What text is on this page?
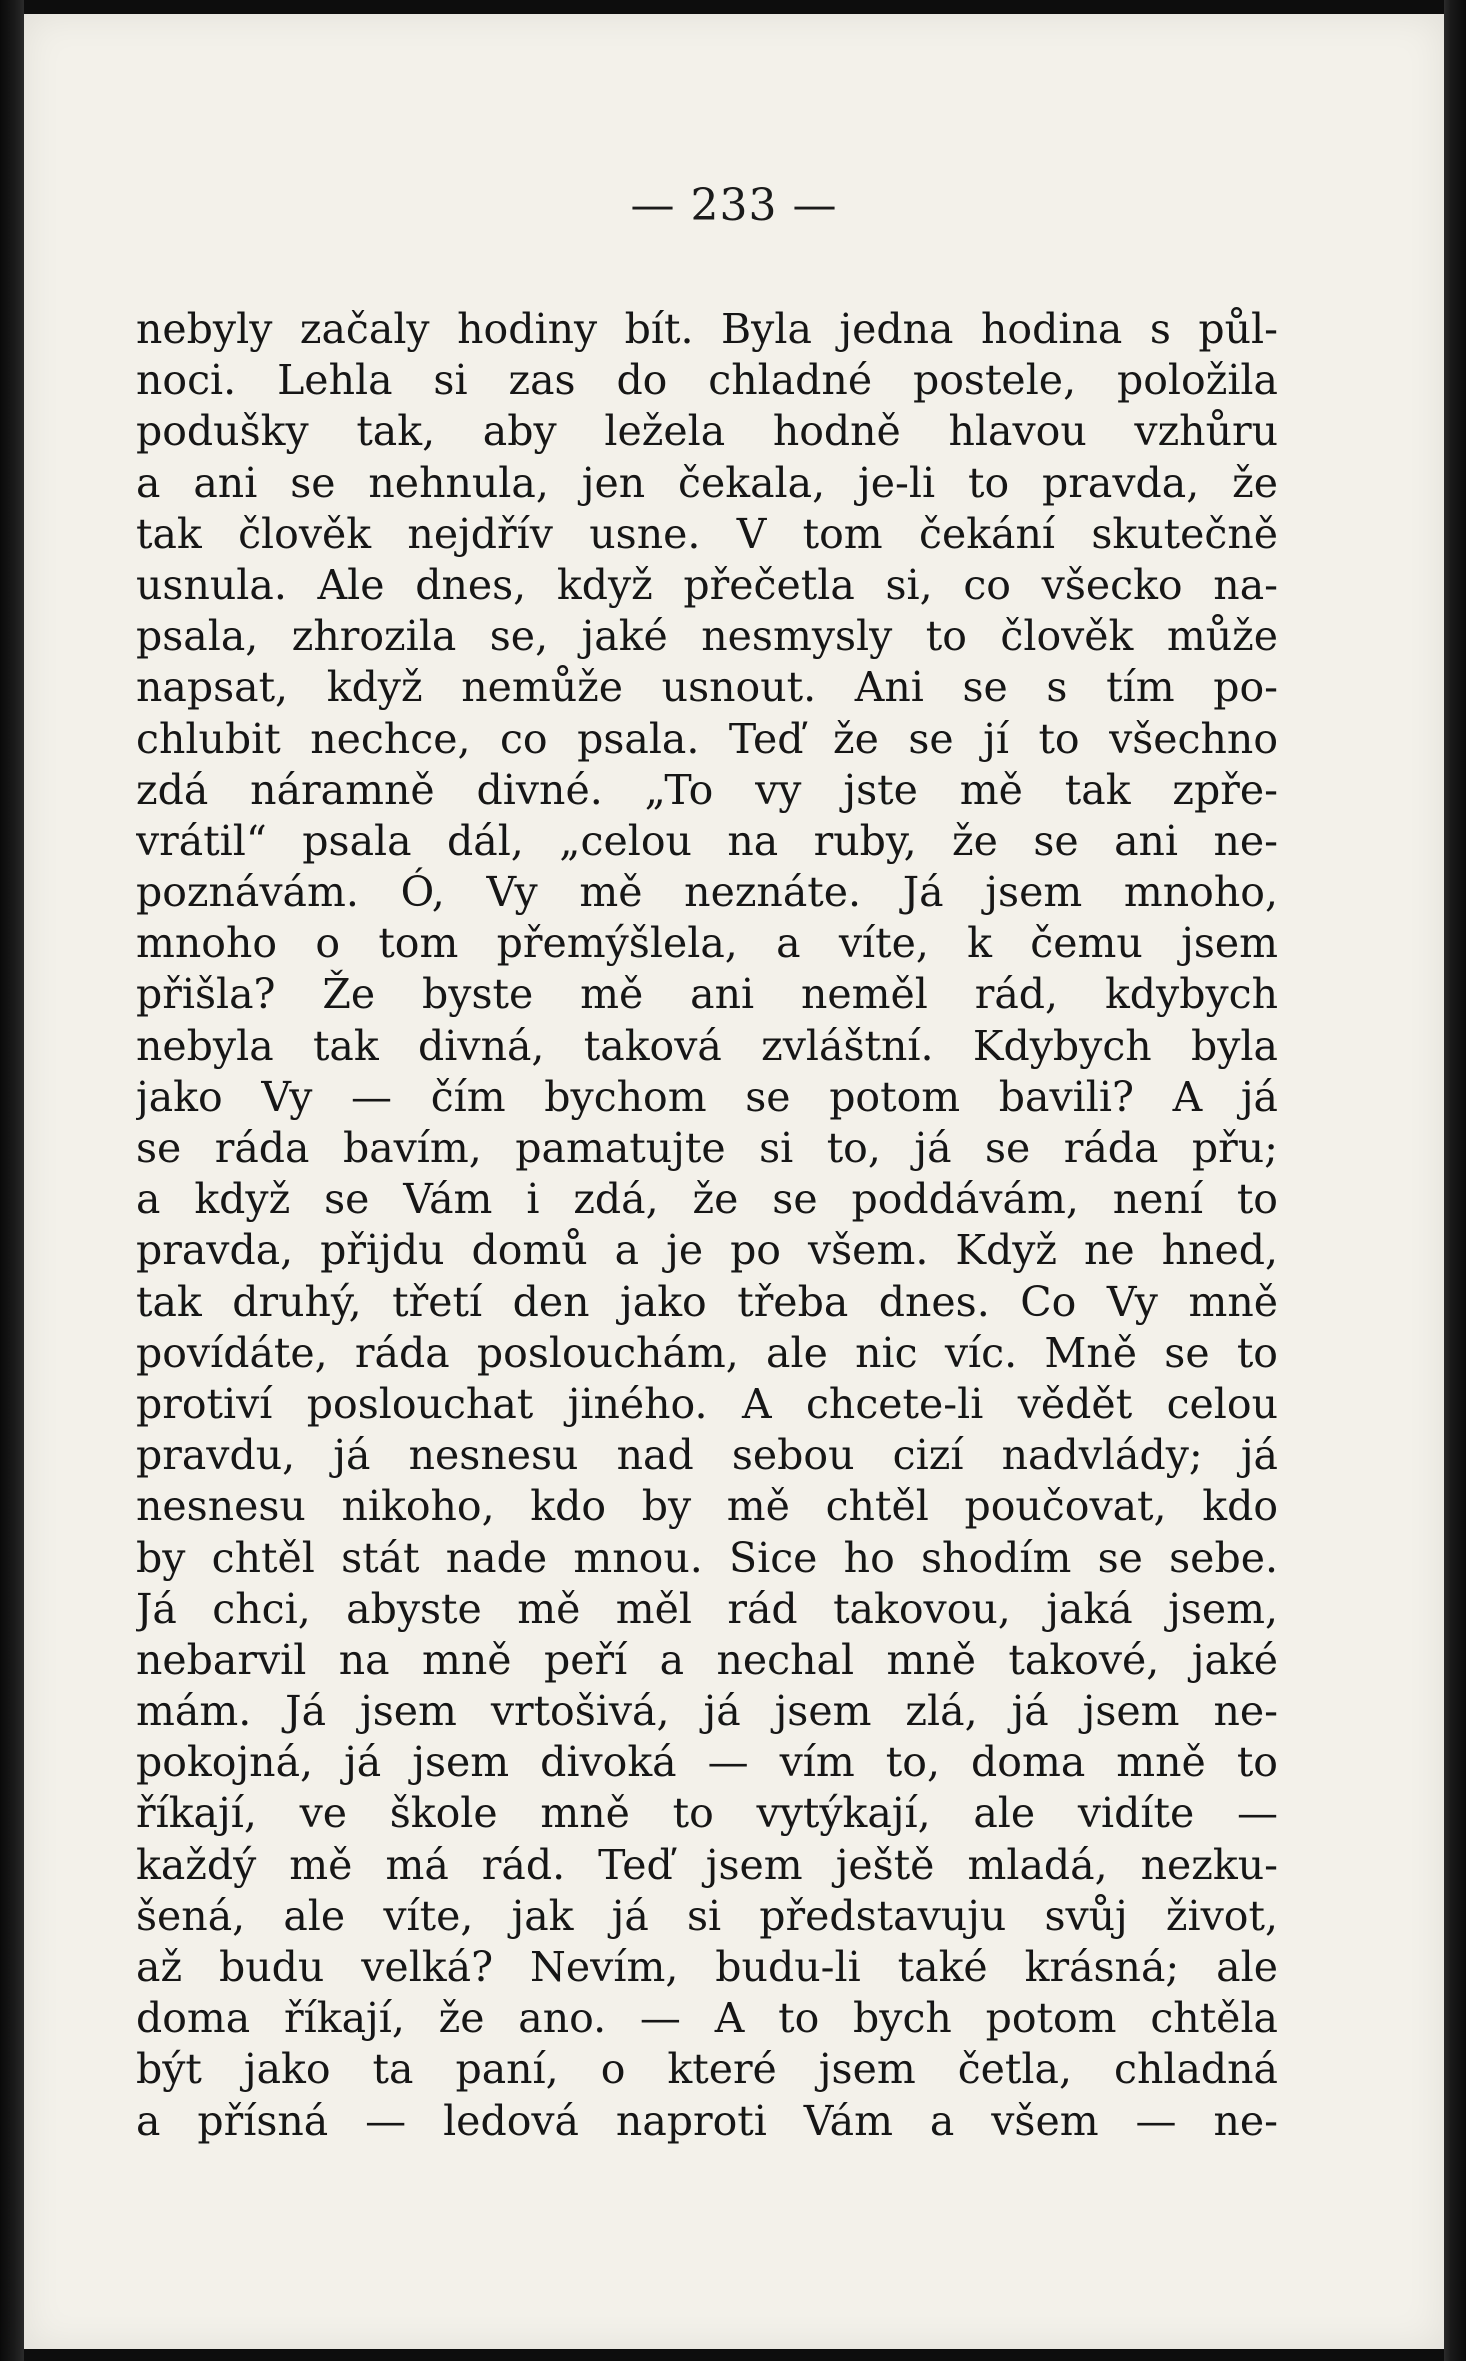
— 233 —
nebyly začaly hodiny bít. Byla jedna hodina s půl-
noci. Lehla si zas do chladné postele, položila
podušky tak, aby ležela hodně hlavou vzhůru
a ani se nehnula, jen čekala, je-li to pravda, že
tak člověk nejdřív usne. V tom čekání skutečně
usnula. Ale dnes, když přečetla si, co všecko na-
psala, zhrozila se, jaké nesmysly to člověk může
napsat, když nemůže usnout. Ani se s tím po-
chlubit nechce, co psala. Teď že se jí to všechno
zdá náramně divné. „To vy jste mě tak zpře-
vrátil“ psala dál, „celou na ruby, že se ani ne-
poznávám. Ó, Vy mě neznáte. Já jsem mnoho,
mnoho o tom přemýšlela, a víte, k čemu jsem
přišla? Že byste mě ani neměl rád, kdybych
nebyla tak divná, taková zvláštní. Kdybych byla
jako Vy — čím bychom se potom bavili? A já
se ráda bavím, pamatujte si to, já se ráda přu;
a když se Vám i zdá, že se poddávám, není to
pravda, přijdu domů a je po všem. Když ne hned,
tak druhý, třetí den jako třeba dnes. Co Vy mně
povídáte, ráda poslouchám, ale nic víc. Mně se to
protiví poslouchat jiného. A chcete-li vědět celou
pravdu, já nesnesu nad sebou cizí nadvlády; já
nesnesu nikoho, kdo by mě chtěl poučovat, kdo
by chtěl stát nade mnou. Sice ho shodím se sebe.
Já chci, abyste mě měl rád takovou, jaká jsem,
nebarvil na mně peří a nechal mně takové, jaké
mám. Já jsem vrtošivá, já jsem zlá, já jsem ne-
pokojná, já jsem divoká — vím to, doma mně to
říkají, ve škole mně to vytýkají, ale vidíte —
každý mě má rád. Teď jsem ještě mladá, nezku-
šená, ale víte, jak já si představuju svůj život,
až budu velká? Nevím, budu-li také krásná; ale
doma říkají, že ano. — A to bych potom chtěla
být jako ta paní, o které jsem četla, chladná
a přísná — ledová naproti Vám a všem — ne-
